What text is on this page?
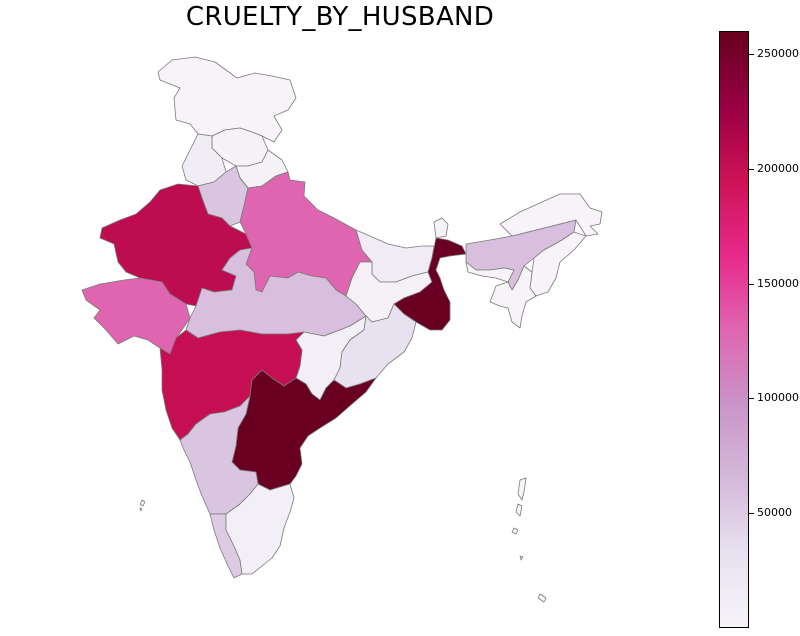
CRUELTY_BY_HUSBAND
50000
100000
150000
200000
250000
